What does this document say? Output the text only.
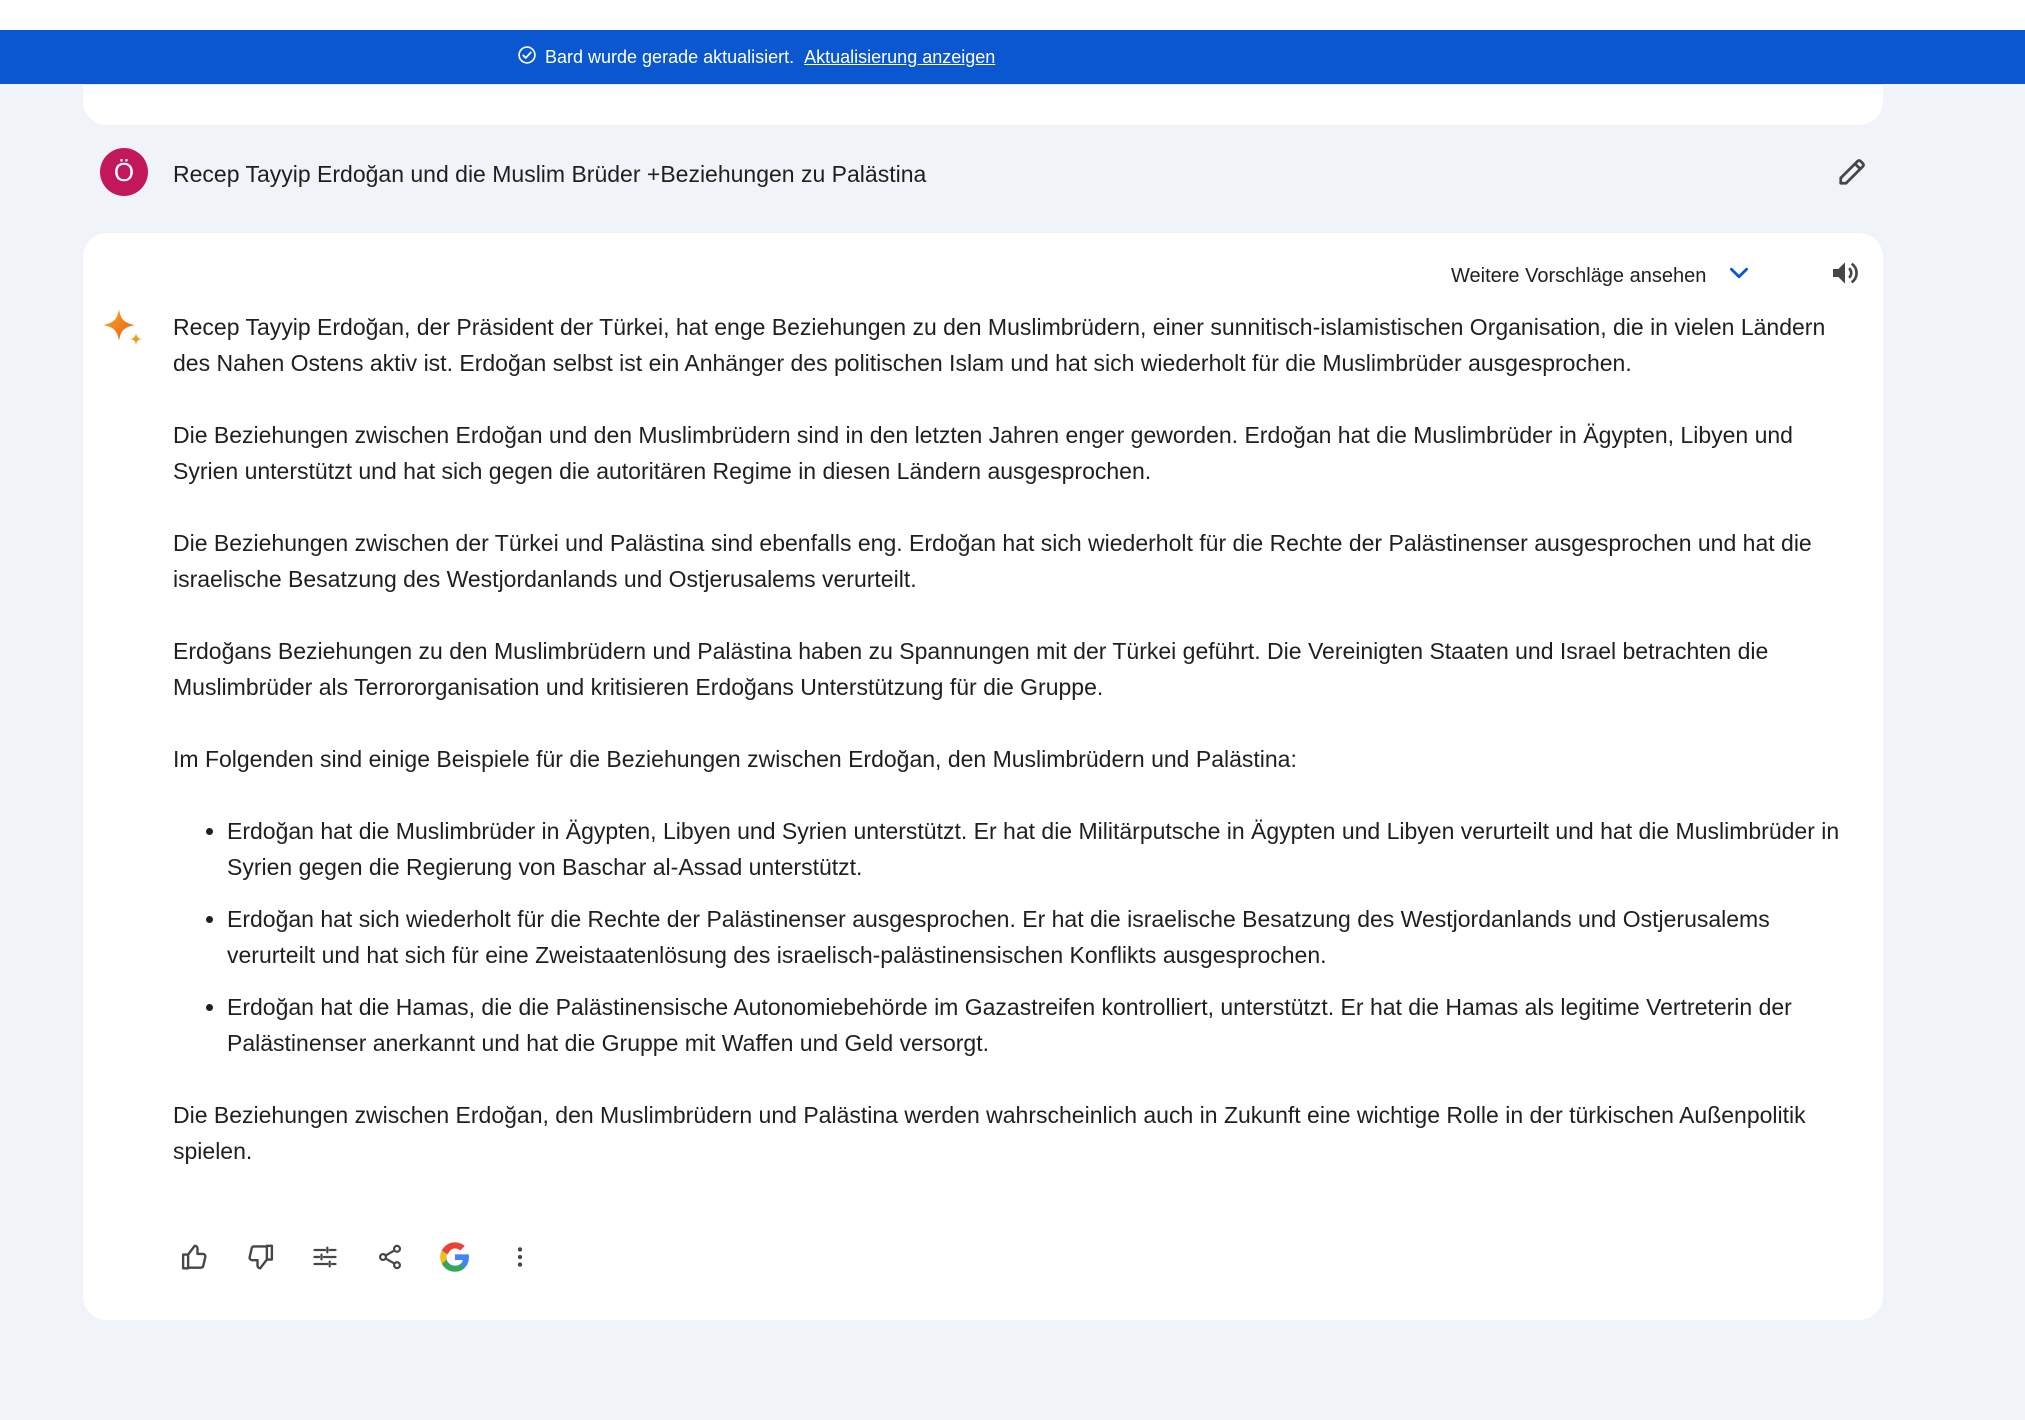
Bard wurde gerade aktualisiert. Aktualisierung anzeigen
Ö	Recep Tayyip Erdoğan und die Muslim Brüder +Beziehungen zu Palästina
Weitere Vorschläge ansehen

Recep Tayyip Erdoğan, der Präsident der Türkei, hat enge Beziehungen zu den Muslimbrüdern, einer sunnitisch-islamistischen Organisation, die in vielen Ländern des Nahen Ostens aktiv ist. Erdoğan selbst ist ein Anhänger des politischen Islam und hat sich wiederholt für die Muslimbrüder ausgesprochen.

Die Beziehungen zwischen Erdoğan und den Muslimbrüdern sind in den letzten Jahren enger geworden. Erdoğan hat die Muslimbrüder in Ägypten, Libyen und Syrien unterstützt und hat sich gegen die autoritären Regime in diesen Ländern ausgesprochen.

Die Beziehungen zwischen der Türkei und Palästina sind ebenfalls eng. Erdoğan hat sich wiederholt für die Rechte der Palästinenser ausgesprochen und hat die israelische Besatzung des Westjordanlands und Ostjerusalems verurteilt.

Erdoğans Beziehungen zu den Muslimbrüdern und Palästina haben zu Spannungen mit der Türkei geführt. Die Vereinigten Staaten und Israel betrachten die Muslimbrüder als Terrororganisation und kritisieren Erdoğans Unterstützung für die Gruppe.

Im Folgenden sind einige Beispiele für die Beziehungen zwischen Erdoğan, den Muslimbrüdern und Palästina:

• Erdoğan hat die Muslimbrüder in Ägypten, Libyen und Syrien unterstützt. Er hat die Militärputsche in Ägypten und Libyen verurteilt und hat die Muslimbrüder in Syrien gegen die Regierung von Baschar al-Assad unterstützt.
• Erdoğan hat sich wiederholt für die Rechte der Palästinenser ausgesprochen. Er hat die israelische Besatzung des Westjordanlands und Ostjerusalems verurteilt und hat sich für eine Zweistaatenlösung des israelisch-palästinensischen Konflikts ausgesprochen.
• Erdoğan hat die Hamas, die die Palästinensische Autonomiebehörde im Gazastreifen kontrolliert, unterstützt. Er hat die Hamas als legitime Vertreterin der Palästinenser anerkannt und hat die Gruppe mit Waffen und Geld versorgt.

Die Beziehungen zwischen Erdoğan, den Muslimbrüdern und Palästina werden wahrscheinlich auch in Zukunft eine wichtige Rolle in der türkischen Außenpolitik spielen.
